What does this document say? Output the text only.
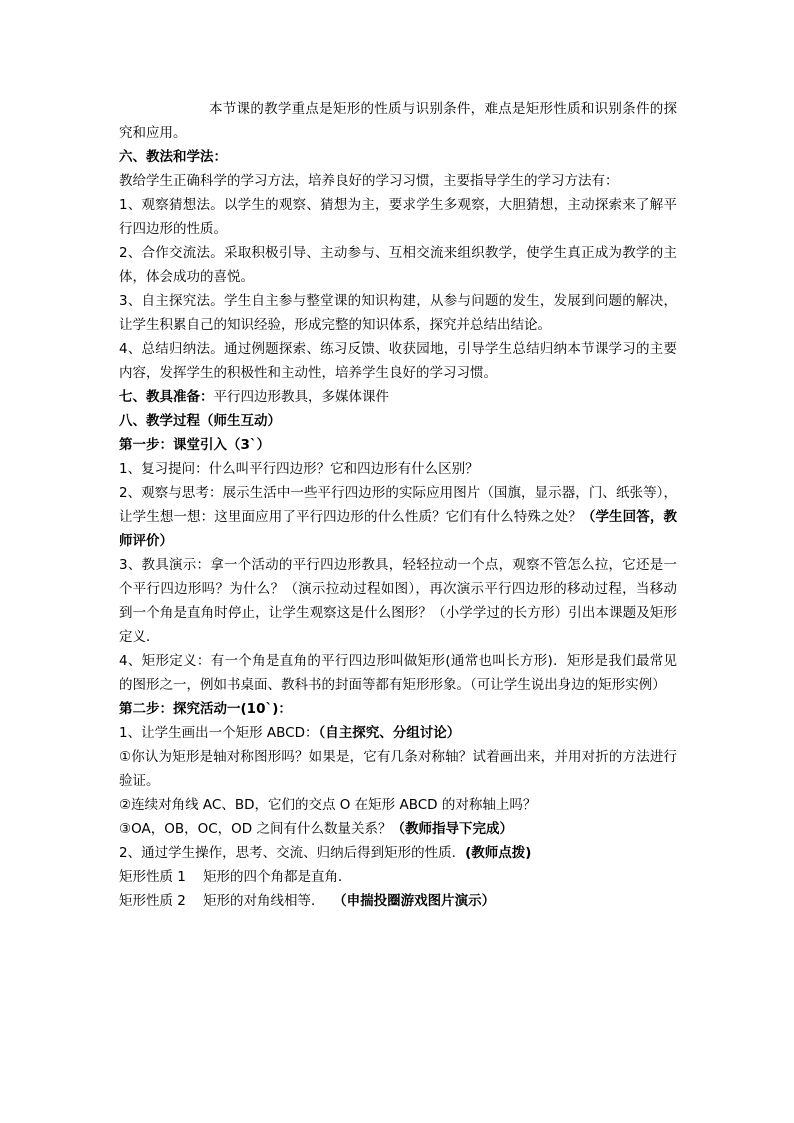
本节课的教学重点是矩形的性质与识别条件，难点是矩形性质和识别条件的探究和应用。

六、教法和学法：

教给学生正确科学的学习方法，培养良好的学习习惯，主要指导学生的学习方法有：

1、观察猜想法。以学生的观察、猜想为主，要求学生多观察，大胆猜想，主动探索来了解平行四边形的性质。

2、合作交流法。采取积极引导、主动参与、互相交流来组织教学，使学生真正成为教学的主体，体会成功的喜悦。

3、自主探究法。学生自主参与整堂课的知识构建，从参与问题的发生，发展到问题的解决，让学生积累自己的知识经验，形成完整的知识体系，探究并总结出结论。

4、总结归纳法。通过例题探索、练习反馈、收获园地，引导学生总结归纳本节课学习的主要内容，发挥学生的积极性和主动性，培养学生良好的学习习惯。

七、教具准备：平行四边形教具，多媒体课件

八、教学过程（师生互动）

第一步：课堂引入（3`）

1、复习提问：什么叫平行四边形？它和四边形有什么区别？

2、观察与思考：展示生活中一些平行四边形的实际应用图片（国旗，显示器，门、纸张等），让学生想一想：这里面应用了平行四边形的什么性质？它们有什么特殊之处？（学生回答，教师评价）

3、教具演示：拿一个活动的平行四边形教具，轻轻拉动一个点，观察不管怎么拉，它还是一个平行四边形吗？为什么？（演示拉动过程如图），再次演示平行四边形的移动过程，当移动到一个角是直角时停止，让学生观察这是什么图形？（小学学过的长方形）引出本课题及矩形定义．

4、矩形定义：有一个角是直角的平行四边形叫做矩形(通常也叫长方形)．矩形是我们最常见的图形之一，例如书桌面、教科书的封面等都有矩形形象。（可让学生说出身边的矩形实例）

第二步：探究活动一(10`)：

1、让学生画出一个矩形 ABCD：（自主探究、分组讨论）

①你认为矩形是轴对称图形吗？如果是，它有几条对称轴？试着画出来，并用对折的方法进行验证。

②连续对角线 AC、BD，它们的交点 O 在矩形 ABCD 的对称轴上吗？

③OA，OB，OC，OD 之间有什么数量关系？（教师指导下完成）

2、通过学生操作，思考、交流、归纳后得到矩形的性质．(教师点拨)

矩形性质 1 矩形的四个角都是直角．

矩形性质 2 矩形的对角线相等． （申揣投圈游戏图片演示）
